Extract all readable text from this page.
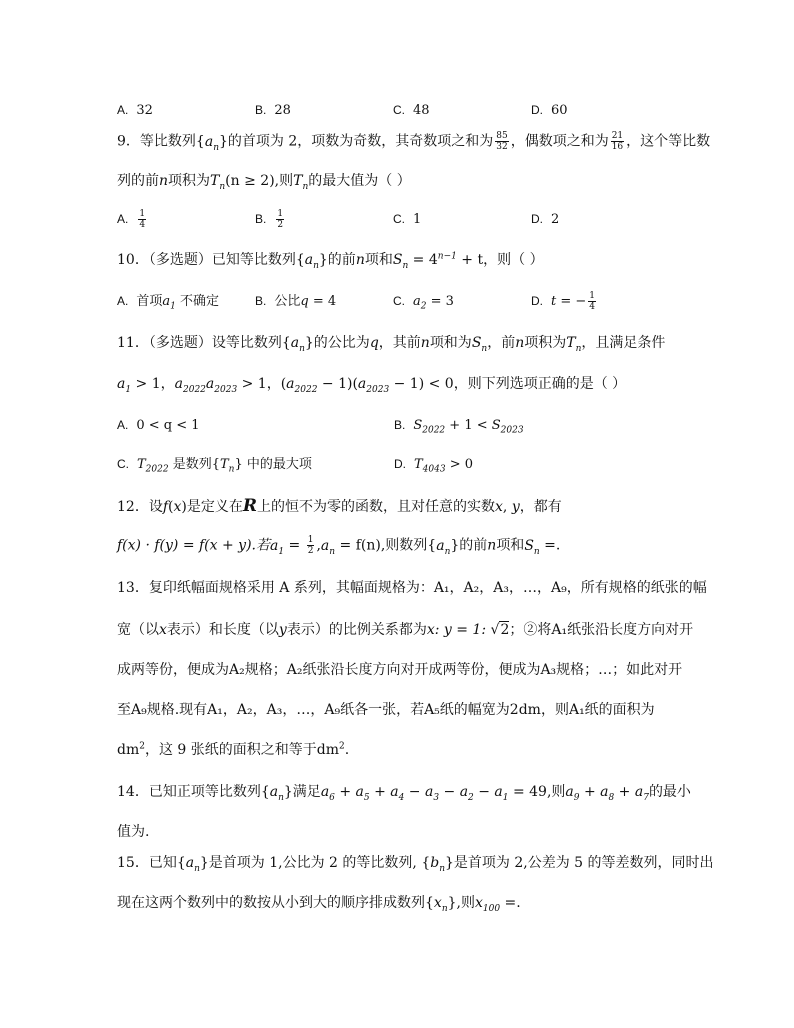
A. 32	B. 28	C. 48	D. 60
9．等比数列$\{a_n\}$的首项为 2，项数为奇数，其奇数项之和为 $\frac{85}{32}$ ，偶数项之和为 $\frac{21}{16}$ ，这个等比数
列的前n项积为$T_n(n \ge 2)$,则$T_n$的最大值为（ ）
A. $\frac{1}{4}$	B. $\frac{1}{2}$	C. 1	D. 2
10．（多选题）已知等比数列$\{a_n\}$的前n项和$S_n = 4^{n-1} + t$，则（ ）
A. 首项$a_1$ 不确定	B. 公比q = 4	C. $a_2 = 3$	D. t = − $\frac{1}{4}$
11．（多选题）设等比数列$\{a_n\}$的公比为q，其前n项和为$S_n$，前n项积为$T_n$，且满足条件
$a_1 > 1$，$a_{2022}a_{2023} > 1$，$(a_{2022} - 1)(a_{2023} - 1) < 0$，则下列选项正确的是（ ）
A. 0 < q < 1	B. $S_{2022} + 1 < S_{2023}$
C. $T_{2022}$ 是数列$\{T_n\}$ 中的最大项	D. $T_{4043} > 0$
12．设f(x)是定义在R上的恒不为零的函数，且对任意的实数x, y，都有
f(x) · f(y) = f(x + y).若$a_1 = \frac{1}{2} ,a_n = f(n)$,则数列$\{a_n\}$的前n项和$S_n$ =.
13．复印纸幅面规格采用 A 系列，其幅面规格为：A₁，A₂，A₃，…，A₉，所有规格的纸张的幅
宽（以x表示）和长度（以y表示）的比例关系都为x: y = 1: √2；②将A₁纸张沿长度方向对开
成两等份，便成为A₂规格；A₂纸张沿长度方向对开成两等份，便成为A₃规格；…；如此对开
至A₉规格.现有A₁，A₂，A₃，…，A₉纸各一张，若A₅纸的幅宽为2dm，则A₁纸的面积为
$dm^2$，这 9 张纸的面积之和等于$dm^2$.
14．已知正项等比数列$\{a_n\}$满足$a_6 + a_5 + a_4 - a_3 - a_2 - a_1 = 49$,则$a_9 + a_8 + a_7$的最小
值为.
15．已知$\{a_n\}$是首项为 1,公比为 2 的等比数列, $\{b_n\}$是首项为 2,公差为 5 的等差数列，同时出
现在这两个数列中的数按从小到大的顺序排成数列$\{x_n\}$,则$x_{100}$ =.
